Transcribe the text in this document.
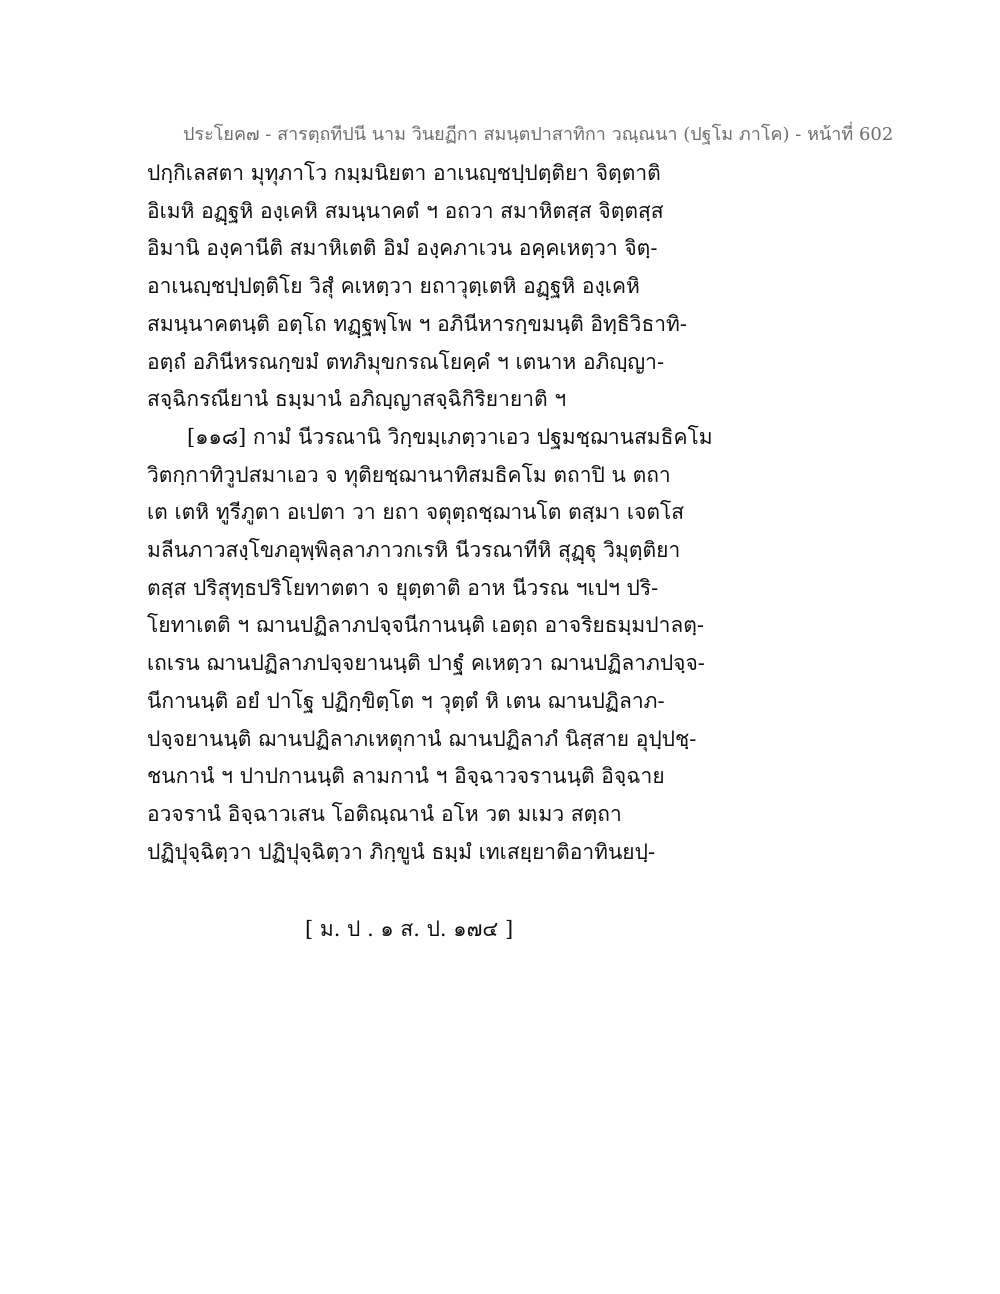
ประโยค๗ - สารตฺถทีปนี นาม วินยฏีกา สมนฺตปาสาทิกา วณฺณนา (ปฐโม ภาโค) - หน้าที่ 602
ปกฺกิเลสตา มุทุภาโว กมฺมนิยตา อาเนญฺชปฺปตฺติยา จิตฺตาติ
อิเมหิ อฏฺฐหิ องฺเคหิ สมนฺนาคตํ ฯ อถวา สมาหิตสฺส จิตฺตสฺส
อิมานิ องฺคานีติ สมาหิเตติ อิมํ องฺคภาเวน อคฺคเหตฺวา จิตฺ-
อาเนญฺชปฺปตฺติโย วิสุํ คเหตฺวา ยถาวุตฺเตหิ อฏฺฐหิ องฺเคหิ
สมนฺนาคตนฺติ อตฺโถ ทฏฺฐพฺโพ ฯ อภินีหารกฺขมนฺติ อิทฺธิวิธาทิ-
อตฺถํ อภินีหรณกฺขมํ ตทภิมุขกรณโยคฺคํ ฯ เตนาห อภิญฺญา-
สจฺฉิกรณียานํ ธมฺมานํ อภิญฺญาสจฺฉิกิริยายาติ ฯ
[๑๑๘] กามํ นีวรณานิ วิกฺขมฺเภตฺวาเอว ปฐมชฺฌานสมธิคโม
วิตกฺกาทิวูปสมาเอว จ ทุติยชฺฌานาทิสมธิคโม ตถาปิ น ตถา
เต เตหิ ทูรีภูตา อเปตา วา ยถา จตุตฺถชฺฌานโต ตสฺมา เจตโส
มลีนภาวสงฺโขภอุพฺพิลฺลาภาวกเรหิ นีวรณาทีหิ สุฏฺฐุ วิมุตฺติยา
ตสฺส ปริสุทฺธปริโยทาตตา จ ยุตฺตาติ อาห นีวรณ ฯเปฯ ปริ-
โยทาเตติ ฯ ฌานปฏิลาภปจฺจนีกานนฺติ เอตฺถ อาจริยธมฺมปาลตฺ-
เถเรน ฌานปฏิลาภปจฺจยานนฺติ ปาฐํ คเหตฺวา ฌานปฏิลาภปจฺจ-
นีกานนฺติ อยํ ปาโฐ ปฏิกฺขิตฺโต ฯ วุตฺตํ หิ เตน ฌานปฏิลาภ-
ปจฺจยานนฺติ ฌานปฏิลาภเหตุกานํ ฌานปฏิลาภํ นิสฺสาย อุปฺปชฺ-
ชนกานํ ฯ ปาปกานนฺติ ลามกานํ ฯ อิจฺฉาวจรานนฺติ อิจฺฉาย
อวจรานํ อิจฺฉาวเสน โอติณฺณานํ อโห วต มเมว สตฺถา
ปฏิปุจฺฉิตฺวา ปฏิปุจฺฉิตฺวา ภิกฺขูนํ ธมฺมํ เทเสยฺยาติอาทินยปฺ-
[ ม. ป . ๑ ส. ป. ๑๗๔ ]
